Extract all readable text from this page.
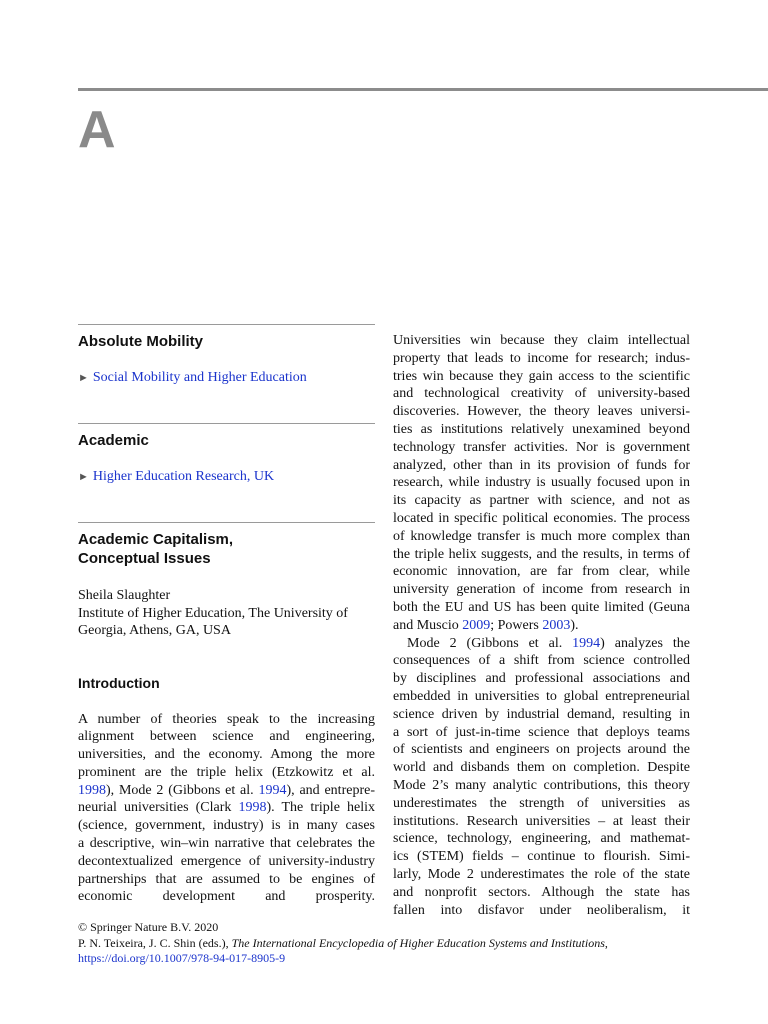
A
Absolute Mobility
► Social Mobility and Higher Education
Academic
► Higher Education Research, UK
Academic Capitalism,
Conceptual Issues
Sheila Slaughter
Institute of Higher Education, The University of
Georgia, Athens, GA, USA
Introduction

A number of theories speak to the increasing

alignment between science and engineering,

universities, and the economy. Among the more

prominent are the triple helix (Etzkowitz et al.

1998), Mode 2 (Gibbons et al. 1994), and entrepre-

neurial universities (Clark 1998). The triple helix

(science, government, industry) is in many cases

a descriptive, win–win narrative that celebrates the

decontextualized emergence of university-industry

partnerships that are assumed to be engines of

economic development and prosperity.

Universities win because they claim intellectual

property that leads to income for research; indus-

tries win because they gain access to the scientific

and technological creativity of university-based

discoveries. However, the theory leaves universi-

ties as institutions relatively unexamined beyond

technology transfer activities. Nor is government

analyzed, other than in its provision of funds for

research, while industry is usually focused upon in

its capacity as partner with science, and not as

located in specific political economies. The process

of knowledge transfer is much more complex than

the triple helix suggests, and the results, in terms of

economic innovation, are far from clear, while

university generation of income from research in

both the EU and US has been quite limited (Geuna

and Muscio 2009; Powers 2003).

Mode 2 (Gibbons et al. 1994) analyzes the

consequences of a shift from science controlled

by disciplines and professional associations and

embedded in universities to global entrepreneurial

science driven by industrial demand, resulting in

a sort of just-in-time science that deploys teams

of scientists and engineers on projects around the

world and disbands them on completion. Despite

Mode 2’s many analytic contributions, this theory

underestimates the strength of universities as

institutions. Research universities – at least their

science, technology, engineering, and mathemat-

ics (STEM) fields – continue to flourish. Simi-

larly, Mode 2 underestimates the role of the state

and nonprofit sectors. Although the state has

fallen into disfavor under neoliberalism, it

© Springer Nature B.V. 2020
P. N. Teixeira, J. C. Shin (eds.), The International Encyclopedia of Higher Education Systems and Institutions,
https://doi.org/10.1007/978-94-017-8905-9
